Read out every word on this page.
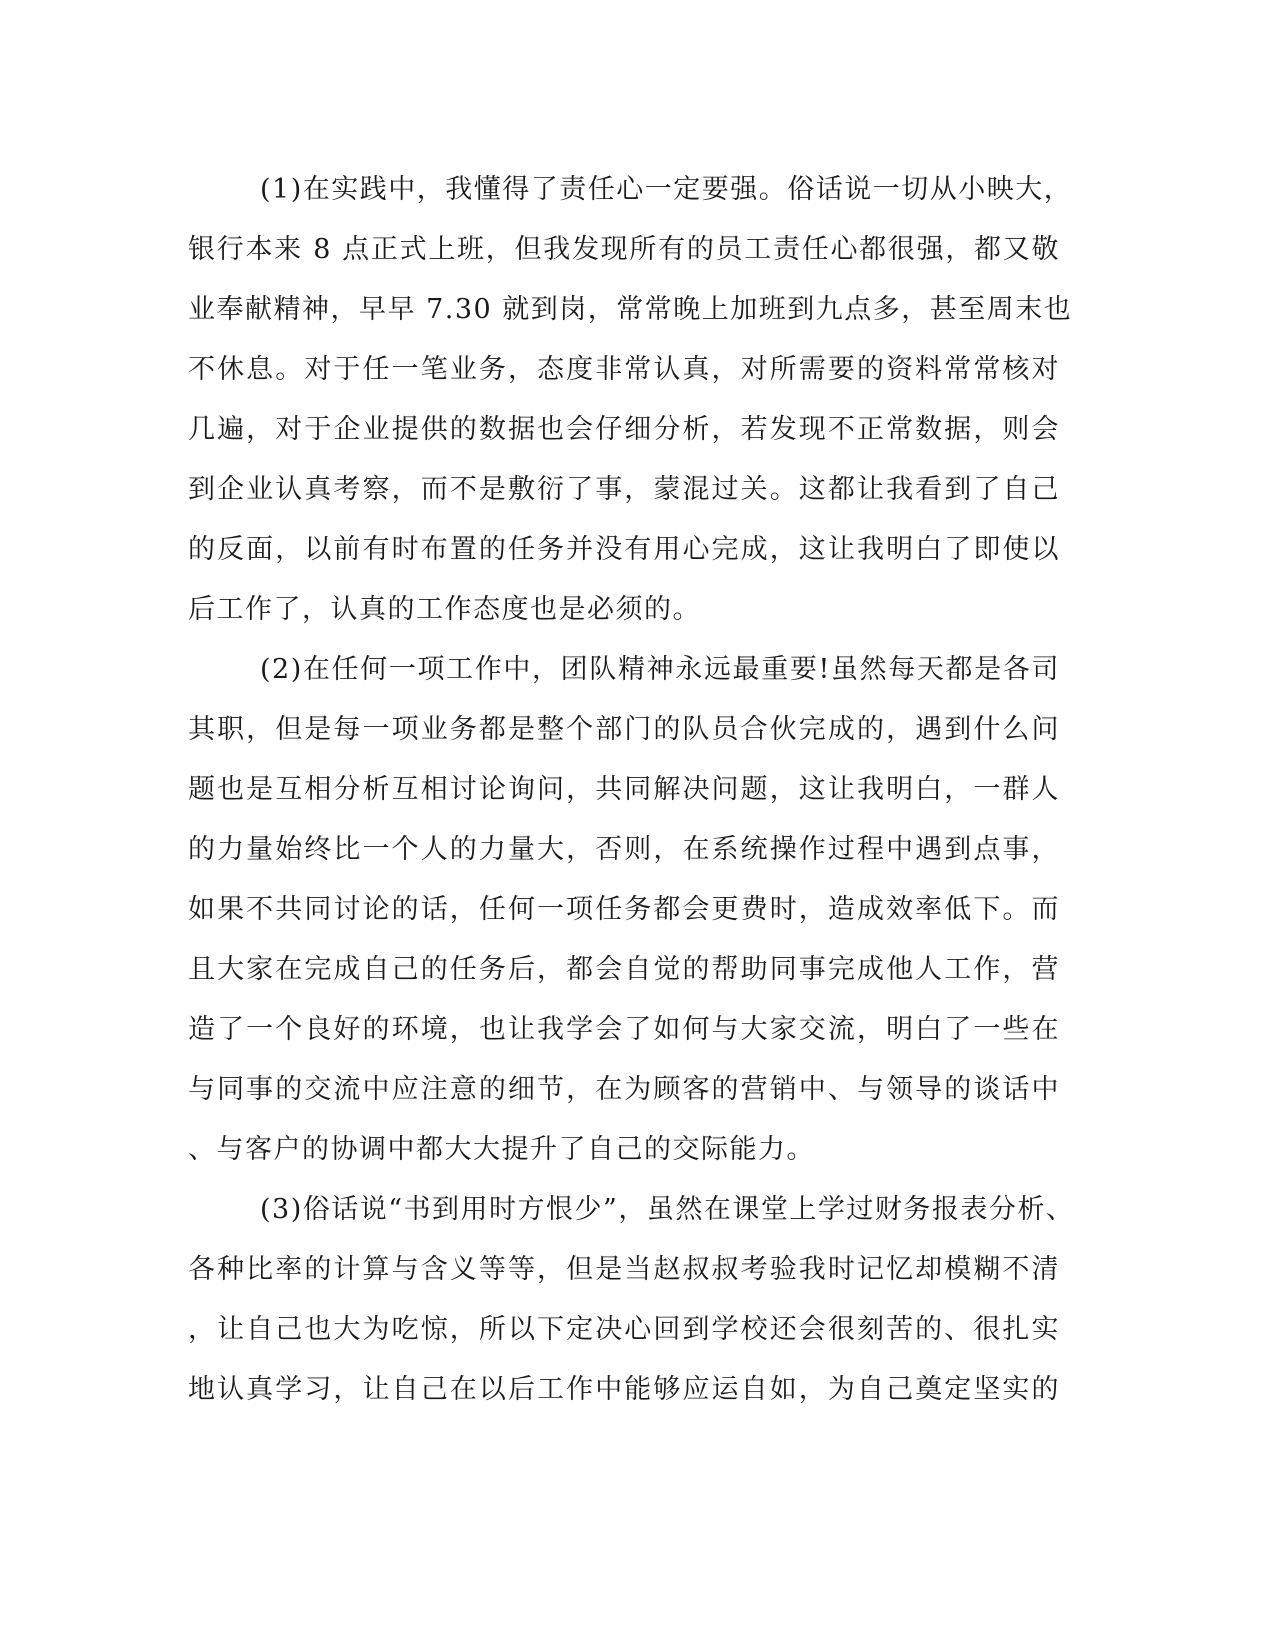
(1)在实践中，我懂得了责任心一定要强。俗话说一切从小映大，
银行本来 8 点正式上班，但我发现所有的员工责任心都很强，都又敬
业奉献精神，早早 7.30 就到岗，常常晚上加班到九点多，甚至周末也
不休息。对于任一笔业务，态度非常认真，对所需要的资料常常核对
几遍，对于企业提供的数据也会仔细分析，若发现不正常数据，则会
到企业认真考察，而不是敷衍了事，蒙混过关。这都让我看到了自己
的反面，以前有时布置的任务并没有用心完成，这让我明白了即使以
后工作了，认真的工作态度也是必须的。
(2)在任何一项工作中，团队精神永远最重要!虽然每天都是各司
其职，但是每一项业务都是整个部门的队员合伙完成的，遇到什么问
题也是互相分析互相讨论询问，共同解决问题，这让我明白，一群人
的力量始终比一个人的力量大，否则，在系统操作过程中遇到点事，
如果不共同讨论的话，任何一项任务都会更费时，造成效率低下。而
且大家在完成自己的任务后，都会自觉的帮助同事完成他人工作，营
造了一个良好的环境，也让我学会了如何与大家交流，明白了一些在
与同事的交流中应注意的细节，在为顾客的营销中、与领导的谈话中
、与客户的协调中都大大提升了自己的交际能力。
(3)俗话说“书到用时方恨少”，虽然在课堂上学过财务报表分析、
各种比率的计算与含义等等，但是当赵叔叔考验我时记忆却模糊不清
，让自己也大为吃惊，所以下定决心回到学校还会很刻苦的、很扎实
地认真学习，让自己在以后工作中能够应运自如，为自己奠定坚实的
